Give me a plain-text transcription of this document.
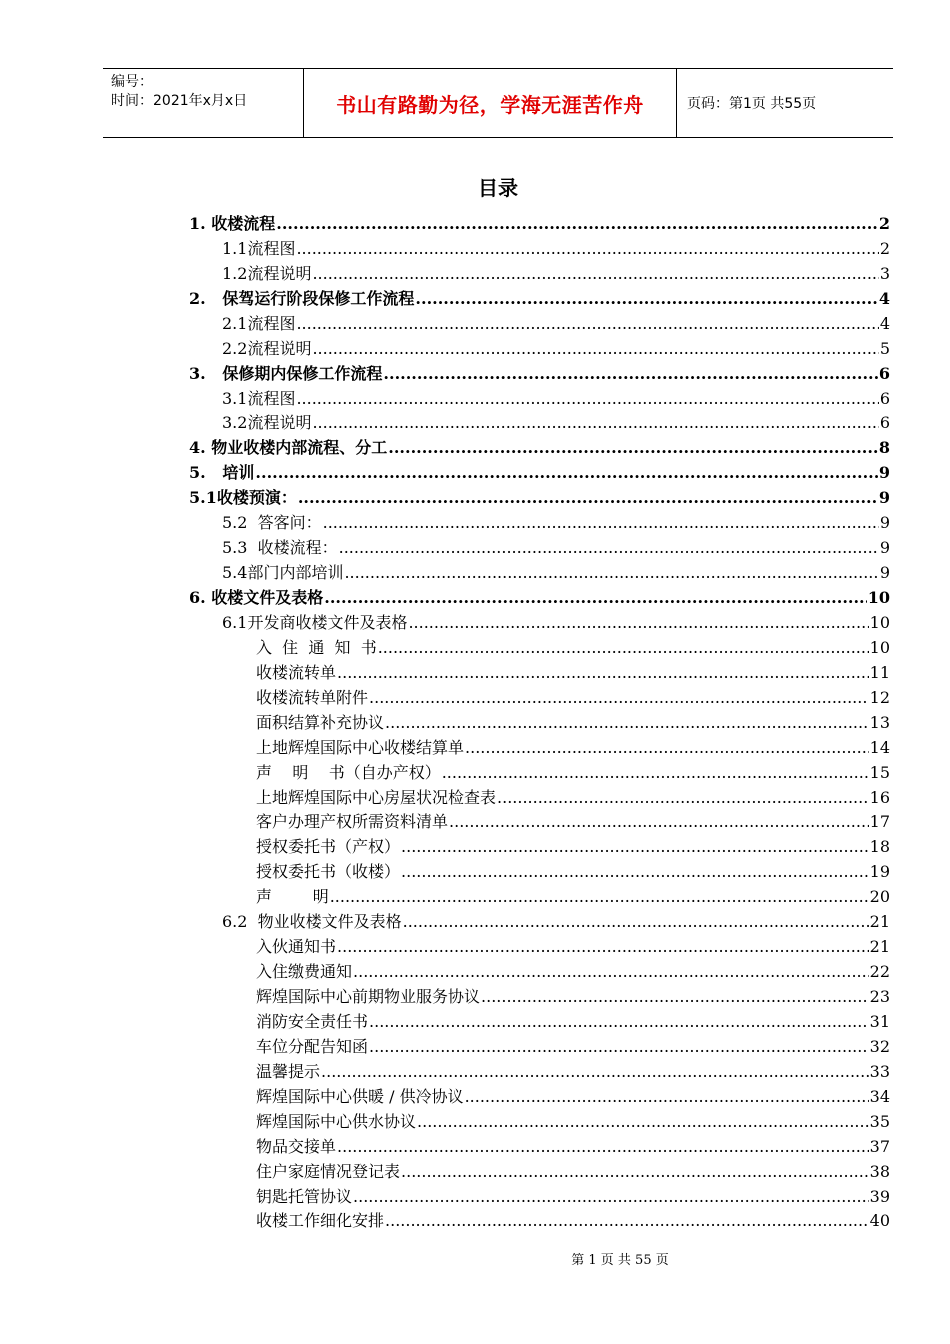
编号：
时间：2021年x月x日	书山有路勤为径，学海无涯苦作舟	页码：第1页 共55页
目录
1. 收楼流程 .....	2
1.1流程图 .....	2
1.2流程说明 .....	3
2.   保驾运行阶段保修工作流程 .....	4
2.1流程图 .....	4
2.2流程说明 .....	5
3.   保修期内保修工作流程 .....	6
3.1流程图 .....	6
3.2流程说明 .....	6
4. 物业收楼内部流程、分工 .....	8
5.   培训 .....	9
5.1收楼预演： .....	9
5.2  答客问： .....	9
5.3  收楼流程： .....	9
5.4部门内部培训 .....	9
6. 收楼文件及表格 .....	10
6.1开发商收楼文件及表格 .....	10
入  住  通  知  书 .....	10
收楼流转单 .....	11
收楼流转单附件 .....	12
面积结算补充协议 .....	13
上地辉煌国际中心收楼结算单 .....	14
声    明    书（自办产权） .....	15
上地辉煌国际中心房屋状况检查表 .....	16
客户办理产权所需资料清单 .....	17
授权委托书（产权） .....	18
授权委托书（收楼） .....	19
声        明 .....	20
6.2  物业收楼文件及表格 .....	21
入伙通知书 .....	21
入住缴费通知 .....	22
辉煌国际中心前期物业服务协议 .....	23
消防安全责任书 .....	31
车位分配告知函 .....	32
温馨提示 .....	33
辉煌国际中心供暖 / 供冷协议 .....	34
辉煌国际中心供水协议 .....	35
物品交接单 .....	37
住户家庭情况登记表 .....	38
钥匙托管协议 .....	39
收楼工作细化安排 .....	40
第 1 页 共 55 页
